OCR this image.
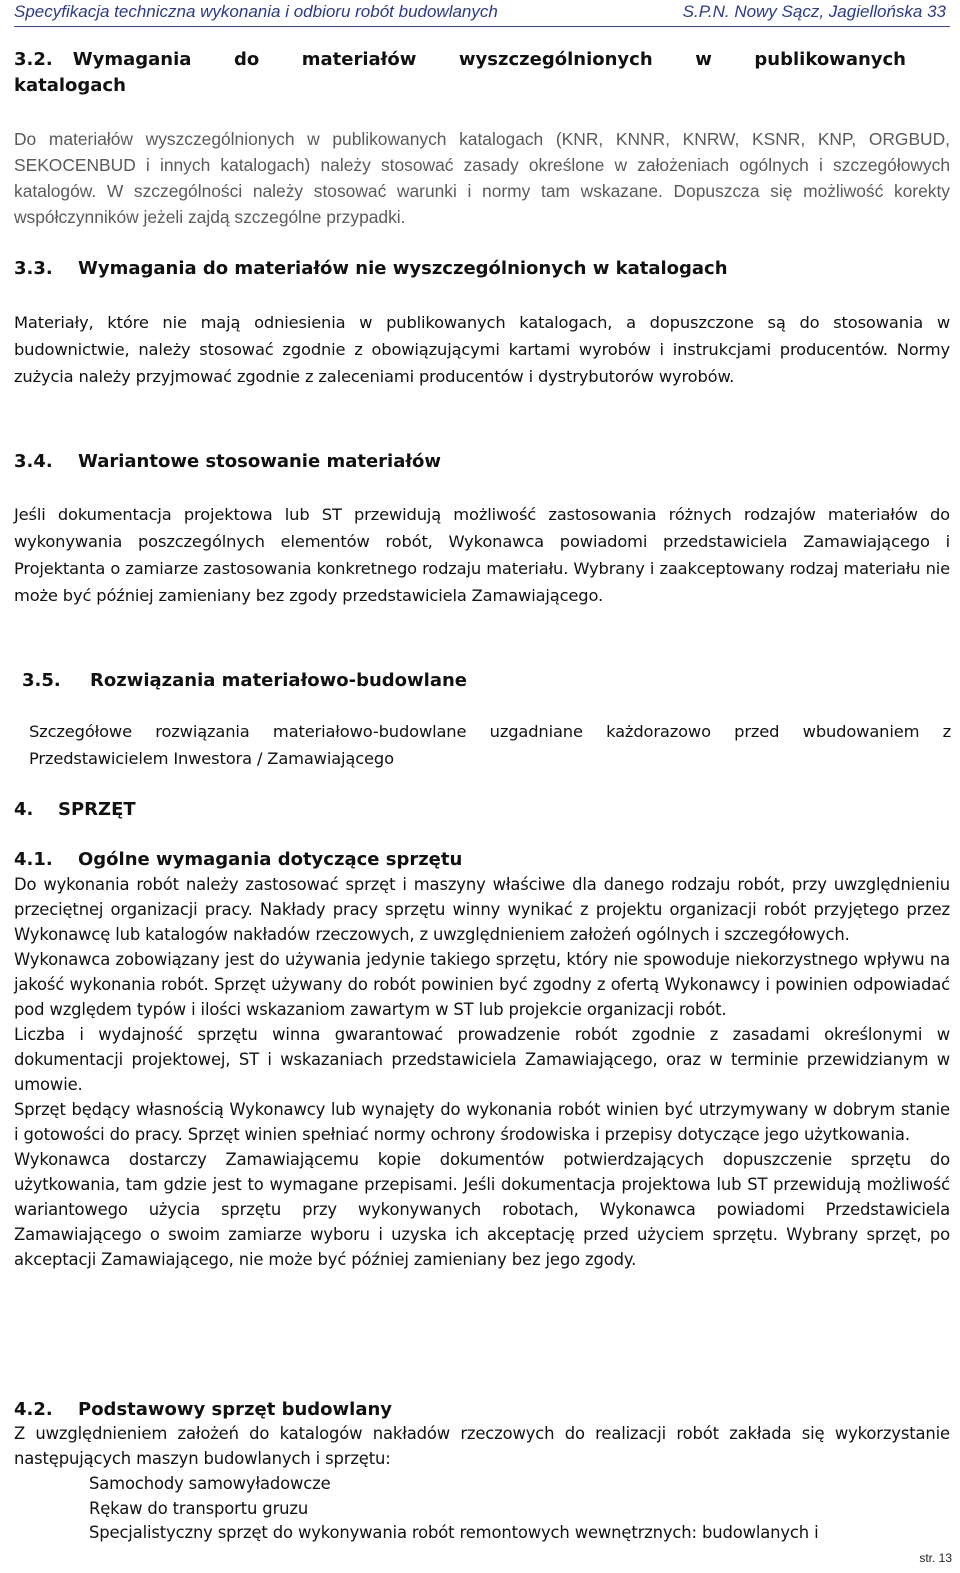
Specyfikacja techniczna wykonania i odbioru robót budowlanych	S.P.N. Nowy Sącz, Jagiellońska 33
3.2. Wymagania do materiałów wyszczególnionych w publikowanych
katalogach
Do materiałów wyszczególnionych w publikowanych katalogach (KNR, KNNR, KNRW, KSNR, KNP, ORGBUD, SEKOCENBUD i innych katalogach) należy stosować zasady określone w założeniach ogólnych i szczegółowych katalogów. W szczególności należy stosować warunki i normy tam wskazane. Dopuszcza się możliwość korekty współczynników jeżeli zajdą szczególne przypadki.
3.3. Wymagania do materiałów nie wyszczególnionych w katalogach
Materiały, które nie mają odniesienia w publikowanych katalogach, a dopuszczone są do stosowania w budownictwie, należy stosować zgodnie z obowiązującymi kartami wyrobów i instrukcjami producentów. Normy zużycia należy przyjmować zgodnie z zaleceniami producentów i dystrybutorów wyrobów.
3.4. Wariantowe stosowanie materiałów
Jeśli dokumentacja projektowa lub ST przewidują możliwość zastosowania różnych rodzajów materiałów do wykonywania poszczególnych elementów robót, Wykonawca powiadomi przedstawiciela Zamawiającego i Projektanta o zamiarze zastosowania konkretnego rodzaju materiału. Wybrany i zaakceptowany rodzaj materiału nie może być później zamieniany bez zgody przedstawiciela Zamawiającego.
3.5. Rozwiązania materiałowo-budowlane
Szczegółowe rozwiązania materiałowo-budowlane uzgadniane każdorazowo przed wbudowaniem z Przedstawicielem Inwestora / Zamawiającego
4. SPRZĘT
4.1. Ogólne wymagania dotyczące sprzętu
Do wykonania robót należy zastosować sprzęt i maszyny właściwe dla danego rodzaju robót, przy uwzględnieniu przeciętnej organizacji pracy. Nakłady pracy sprzętu winny wynikać z projektu organizacji robót przyjętego przez Wykonawcę lub katalogów nakładów rzeczowych, z uwzględnieniem założeń ogólnych i szczegółowych.
Wykonawca zobowiązany jest do używania jedynie takiego sprzętu, który nie spowoduje niekorzystnego wpływu na jakość wykonania robót. Sprzęt używany do robót powinien być zgodny z ofertą Wykonawcy i powinien odpowiadać pod względem typów i ilości wskazaniom zawartym w ST lub projekcie organizacji robót.
Liczba i wydajność sprzętu winna gwarantować prowadzenie robót zgodnie z zasadami określonymi w dokumentacji projektowej, ST i wskazaniach przedstawiciela Zamawiającego, oraz w terminie przewidzianym w umowie.
Sprzęt będący własnością Wykonawcy lub wynajęty do wykonania robót winien być utrzymywany w dobrym stanie i gotowości do pracy. Sprzęt winien spełniać normy ochrony środowiska i przepisy dotyczące jego użytkowania.
Wykonawca dostarczy Zamawiającemu kopie dokumentów potwierdzających dopuszczenie sprzętu do użytkowania, tam gdzie jest to wymagane przepisami. Jeśli dokumentacja projektowa lub ST przewidują możliwość wariantowego użycia sprzętu przy wykonywanych robotach, Wykonawca powiadomi Przedstawiciela Zamawiającego o swoim zamiarze wyboru i uzyska ich akceptację przed użyciem sprzętu. Wybrany sprzęt, po akceptacji Zamawiającego, nie może być później zamieniany bez jego zgody.
4.2. Podstawowy sprzęt budowlany
Z uwzględnieniem założeń do katalogów nakładów rzeczowych do realizacji robót zakłada się wykorzystanie następujących maszyn budowlanych i sprzętu:
Samochody samowyładowcze
Rękaw do transportu gruzu
Specjalistyczny sprzęt do wykonywania robót remontowych wewnętrznych: budowlanych i
str. 13
